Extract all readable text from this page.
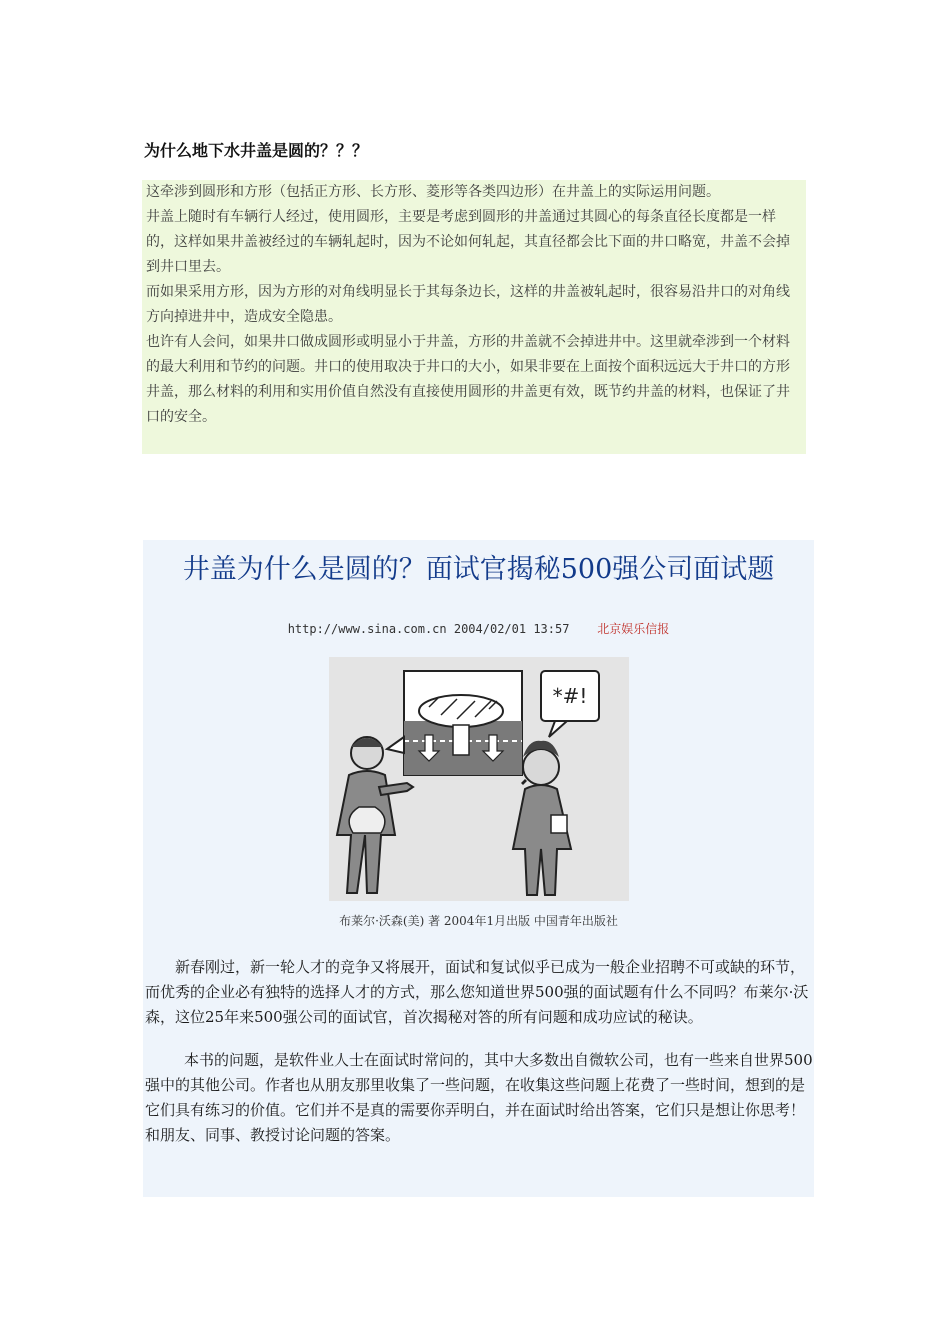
为什么地下水井盖是圆的？？？

这牵涉到圆形和方形（包括正方形、长方形、菱形等各类四边形）在井盖上的实际运用问题。

井盖上随时有车辆行人经过，使用圆形，主要是考虑到圆形的井盖通过其圆心的每条直径长度都是一样的，这样如果井盖被经过的车辆轧起时，因为不论如何轧起，其直径都会比下面的井口略宽，井盖不会掉到井口里去。

而如果采用方形，因为方形的对角线明显长于其每条边长，这样的井盖被轧起时，很容易沿井口的对角线方向掉进井中，造成安全隐患。

也许有人会问，如果井口做成圆形或明显小于井盖，方形的井盖就不会掉进井中。这里就牵涉到一个材料的最大利用和节约的问题。井口的使用取决于井口的大小，如果非要在上面按个面积远远大于井口的方形井盖，那么材料的利用和实用价值自然没有直接使用圆形的井盖更有效，既节约井盖的材料，也保证了井口的安全。

井盖为什么是圆的？面试官揭秘500强公司面试题
http://www.sina.com.cn 2004/02/01 13:57 北京娱乐信报
*#!
布莱尔·沃森(美) 著 2004年1月出版 中国青年出版社

新春刚过，新一轮人才的竞争又将展开，面试和复试似乎已成为一般企业招聘不可或缺的环节，而优秀的企业必有独特的选择人才的方式，那么您知道世界500强的面试题有什么不同吗？布莱尔·沃森，这位25年来500强公司的面试官，首次揭秘对答的所有问题和成功应试的秘诀。

本书的问题，是软件业人士在面试时常问的，其中大多数出自微软公司，也有一些来自世界500强中的其他公司。作者也从朋友那里收集了一些问题，在收集这些问题上花费了一些时间，想到的是它们具有练习的价值。它们并不是真的需要你弄明白，并在面试时给出答案，它们只是想让你思考！和朋友、同事、教授讨论问题的答案。
